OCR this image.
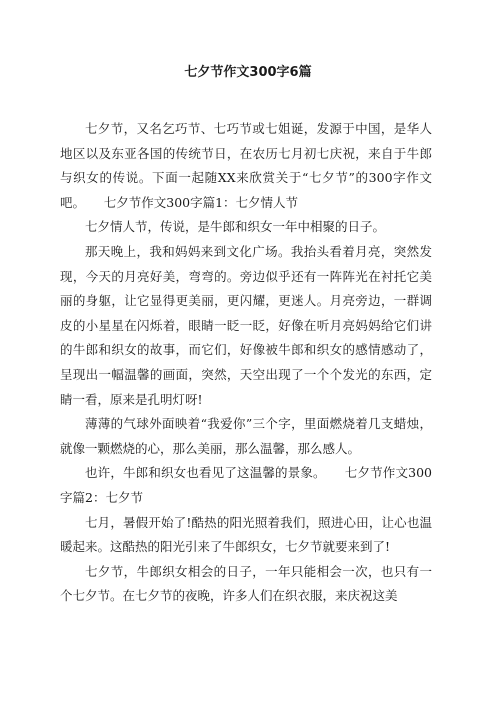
七夕节作文300字6篇

七夕节，又名乞巧节、七巧节或七姐诞，发源于中国，是华人地区以及东亚各国的传统节日，在农历七月初七庆祝，来自于牛郎与织女的传说。下面一起随XX来欣赏关于“七夕节”的300字作文吧。　　七夕节作文300字篇1：七夕情人节

七夕情人节，传说，是牛郎和织女一年中相聚的日子。

那天晚上，我和妈妈来到文化广场。我抬头看着月亮，突然发现，今天的月亮好美，弯弯的。旁边似乎还有一阵阵光在衬托它美丽的身躯，让它显得更美丽，更闪耀，更迷人。月亮旁边，一群调皮的小星星在闪烁着，眼睛一眨一眨，好像在听月亮妈妈给它们讲的牛郎和织女的故事，而它们，好像被牛郎和织女的感情感动了，呈现出一幅温馨的画面，突然，天空出现了一个个发光的东西，定睛一看，原来是孔明灯呀!

薄薄的气球外面映着“我爱你”三个字，里面燃烧着几支蜡烛，就像一颗燃烧的心，那么美丽，那么温馨，那么感人。

也许，牛郎和织女也看见了这温馨的景象。　　七夕节作文300字篇2：七夕节

七月，暑假开始了!酷热的阳光照着我们，照进心田，让心也温暖起来。这酷热的阳光引来了牛郎织女，七夕节就要来到了!

七夕节，牛郎织女相会的日子，一年只能相会一次，也只有一个七夕节。在七夕节的夜晚，许多人们在织衣服，来庆祝这美
